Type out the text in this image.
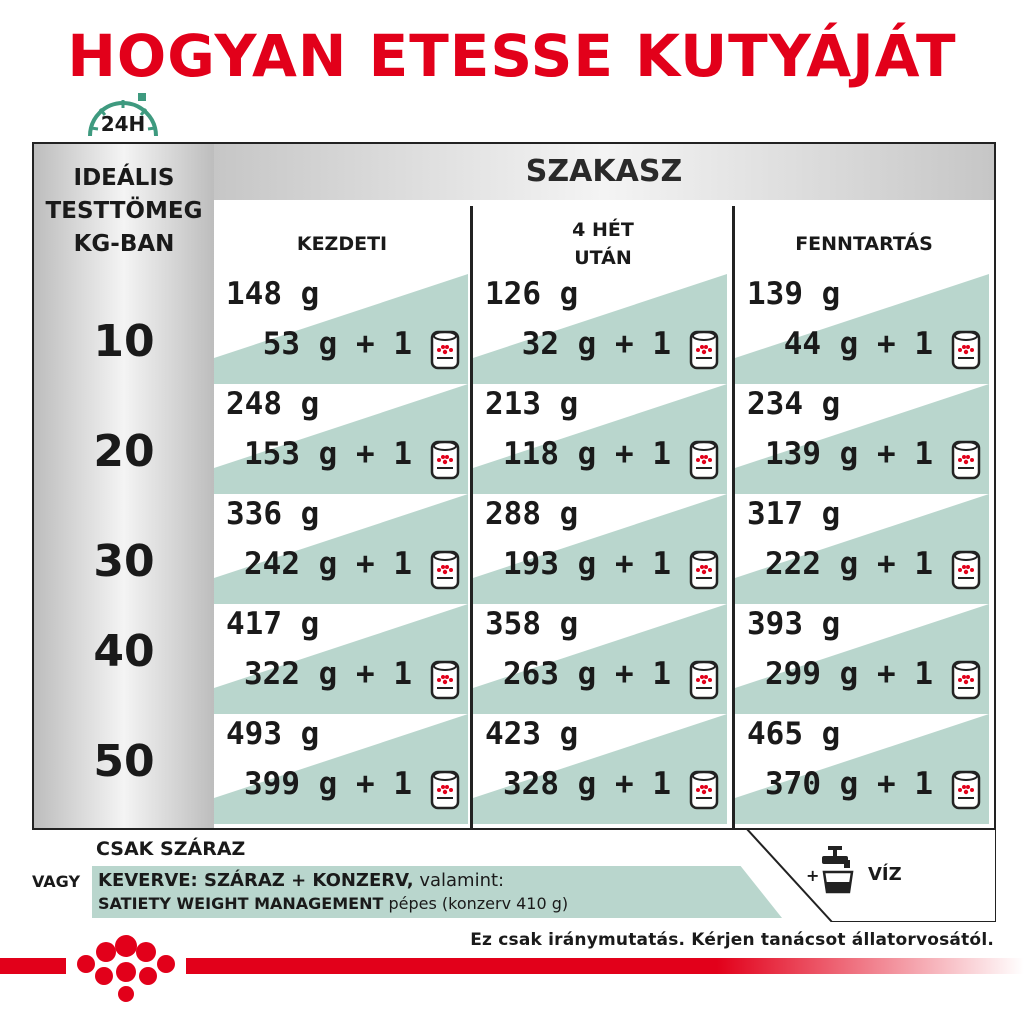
HOGYAN ETESSE KUTYÁJÁT
24H
IDEÁLIS TESTTÖMEG KG-BAN
10
20
30
40
50
SZAKASZ
KEZDETI
4 HÉT UTÁN
FENNTARTÁS
148 g
53 g + 1
126 g
32 g + 1
139 g
44 g + 1
248 g
153 g + 1
213 g
118 g + 1
234 g
139 g + 1
336 g
242 g + 1
288 g
193 g + 1
317 g
222 g + 1
417 g
322 g + 1
358 g
263 g + 1
393 g
299 g + 1
493 g
399 g + 1
423 g
328 g + 1
465 g
370 g + 1
CSAK SZÁRAZ
VAGY KEVERVE: SZÁRAZ + KONZERV, valamint:
SATIETY WEIGHT MANAGEMENT pépes (konzerv 410 g)
+	VÍZ
Ez csak iránymutatás. Kérjen tanácsot állatorvosától.
